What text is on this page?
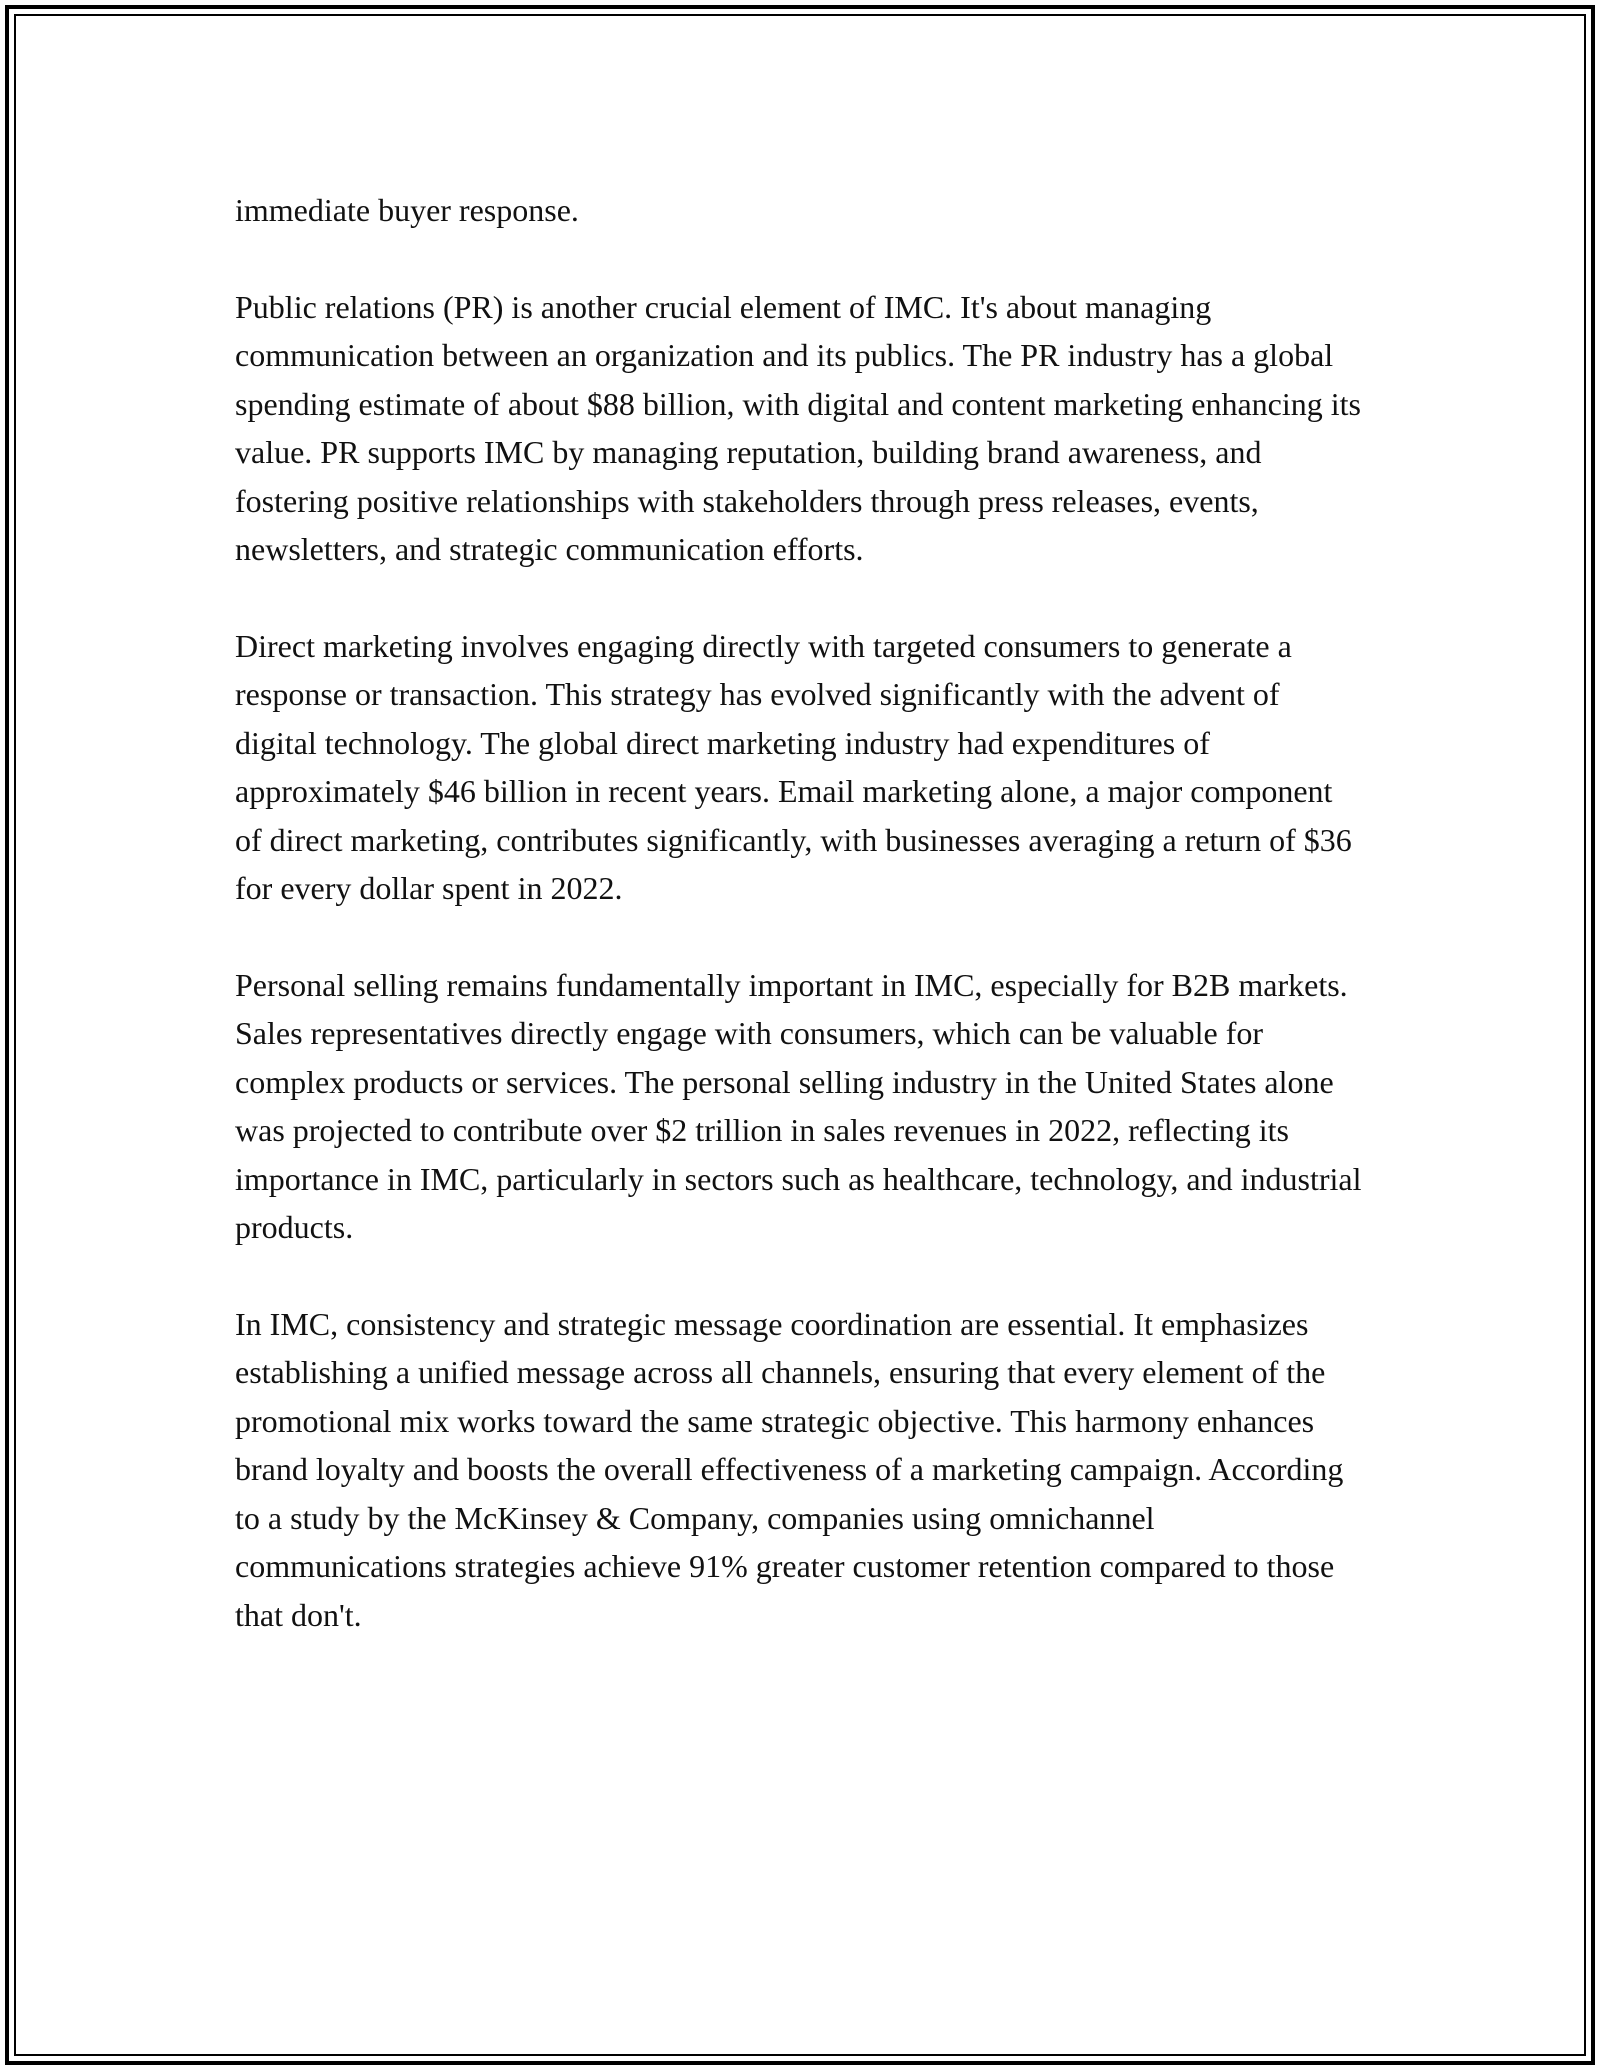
immediate buyer response.

Public relations (PR) is another crucial element of IMC. It's about managing communication between an organization and its publics. The PR industry has a global spending estimate of about $88 billion, with digital and content marketing enhancing its value. PR supports IMC by managing reputation, building brand awareness, and fostering positive relationships with stakeholders through press releases, events, newsletters, and strategic communication efforts.

Direct marketing involves engaging directly with targeted consumers to generate a response or transaction. This strategy has evolved significantly with the advent of digital technology. The global direct marketing industry had expenditures of approximately $46 billion in recent years. Email marketing alone, a major component of direct marketing, contributes significantly, with businesses averaging a return of $36 for every dollar spent in 2022.

Personal selling remains fundamentally important in IMC, especially for B2B markets. Sales representatives directly engage with consumers, which can be valuable for complex products or services. The personal selling industry in the United States alone was projected to contribute over $2 trillion in sales revenues in 2022, reflecting its importance in IMC, particularly in sectors such as healthcare, technology, and industrial products.

In IMC, consistency and strategic message coordination are essential. It emphasizes establishing a unified message across all channels, ensuring that every element of the promotional mix works toward the same strategic objective. This harmony enhances brand loyalty and boosts the overall effectiveness of a marketing campaign. According to a study by the McKinsey & Company, companies using omnichannel communications strategies achieve 91% greater customer retention compared to those that don't.
